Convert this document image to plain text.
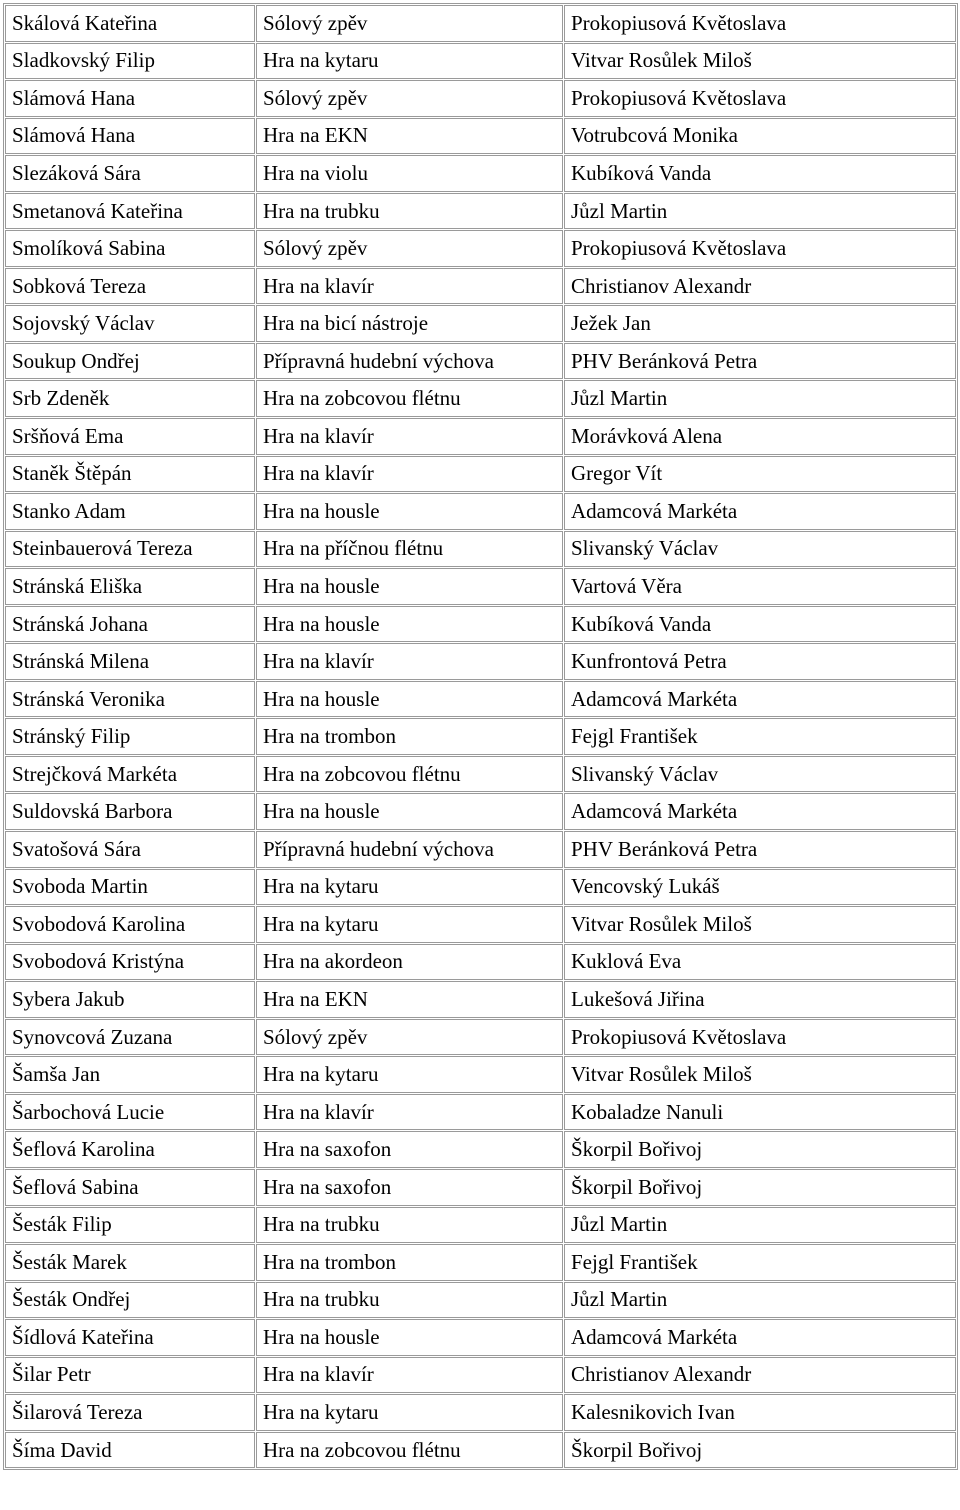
Skálová Kateřina	Sólový zpěv	Prokopiusová Květoslava
Sladkovský Filip	Hra na kytaru	Vitvar Rosůlek Miloš
Slámová Hana	Sólový zpěv	Prokopiusová Květoslava
Slámová Hana	Hra na EKN	Votrubcová Monika
Slezáková Sára	Hra na violu	Kubíková Vanda
Smetanová Kateřina	Hra na trubku	Jůzl Martin
Smolíková Sabina	Sólový zpěv	Prokopiusová Květoslava
Sobková Tereza	Hra na klavír	Christianov Alexandr
Sojovský Václav	Hra na bicí nástroje	Ježek Jan
Soukup Ondřej	Přípravná hudební výchova	PHV Beránková Petra
Srb Zdeněk	Hra na zobcovou flétnu	Jůzl Martin
Sršňová Ema	Hra na klavír	Morávková Alena
Staněk Štěpán	Hra na klavír	Gregor Vít
Stanko Adam	Hra na housle	Adamcová Markéta
Steinbauerová Tereza	Hra na příčnou flétnu	Slivanský Václav
Stránská Eliška	Hra na housle	Vartová Věra
Stránská Johana	Hra na housle	Kubíková Vanda
Stránská Milena	Hra na klavír	Kunfrontová Petra
Stránská Veronika	Hra na housle	Adamcová Markéta
Stránský Filip	Hra na trombon	Fejgl František
Strejčková Markéta	Hra na zobcovou flétnu	Slivanský Václav
Suldovská Barbora	Hra na housle	Adamcová Markéta
Svatošová Sára	Přípravná hudební výchova	PHV Beránková Petra
Svoboda Martin	Hra na kytaru	Vencovský Lukáš
Svobodová Karolina	Hra na kytaru	Vitvar Rosůlek Miloš
Svobodová Kristýna	Hra na akordeon	Kuklová Eva
Sybera Jakub	Hra na EKN	Lukešová Jiřina
Synovcová Zuzana	Sólový zpěv	Prokopiusová Květoslava
Šamša Jan	Hra na kytaru	Vitvar Rosůlek Miloš
Šarbochová Lucie	Hra na klavír	Kobaladze Nanuli
Šeflová Karolina	Hra na saxofon	Škorpil Bořivoj
Šeflová Sabina	Hra na saxofon	Škorpil Bořivoj
Šesták Filip	Hra na trubku	Jůzl Martin
Šesták Marek	Hra na trombon	Fejgl František
Šesták Ondřej	Hra na trubku	Jůzl Martin
Šídlová Kateřina	Hra na housle	Adamcová Markéta
Šilar Petr	Hra na klavír	Christianov Alexandr
Šilarová Tereza	Hra na kytaru	Kalesnikovich Ivan
Šíma David	Hra na zobcovou flétnu	Škorpil Bořivoj
